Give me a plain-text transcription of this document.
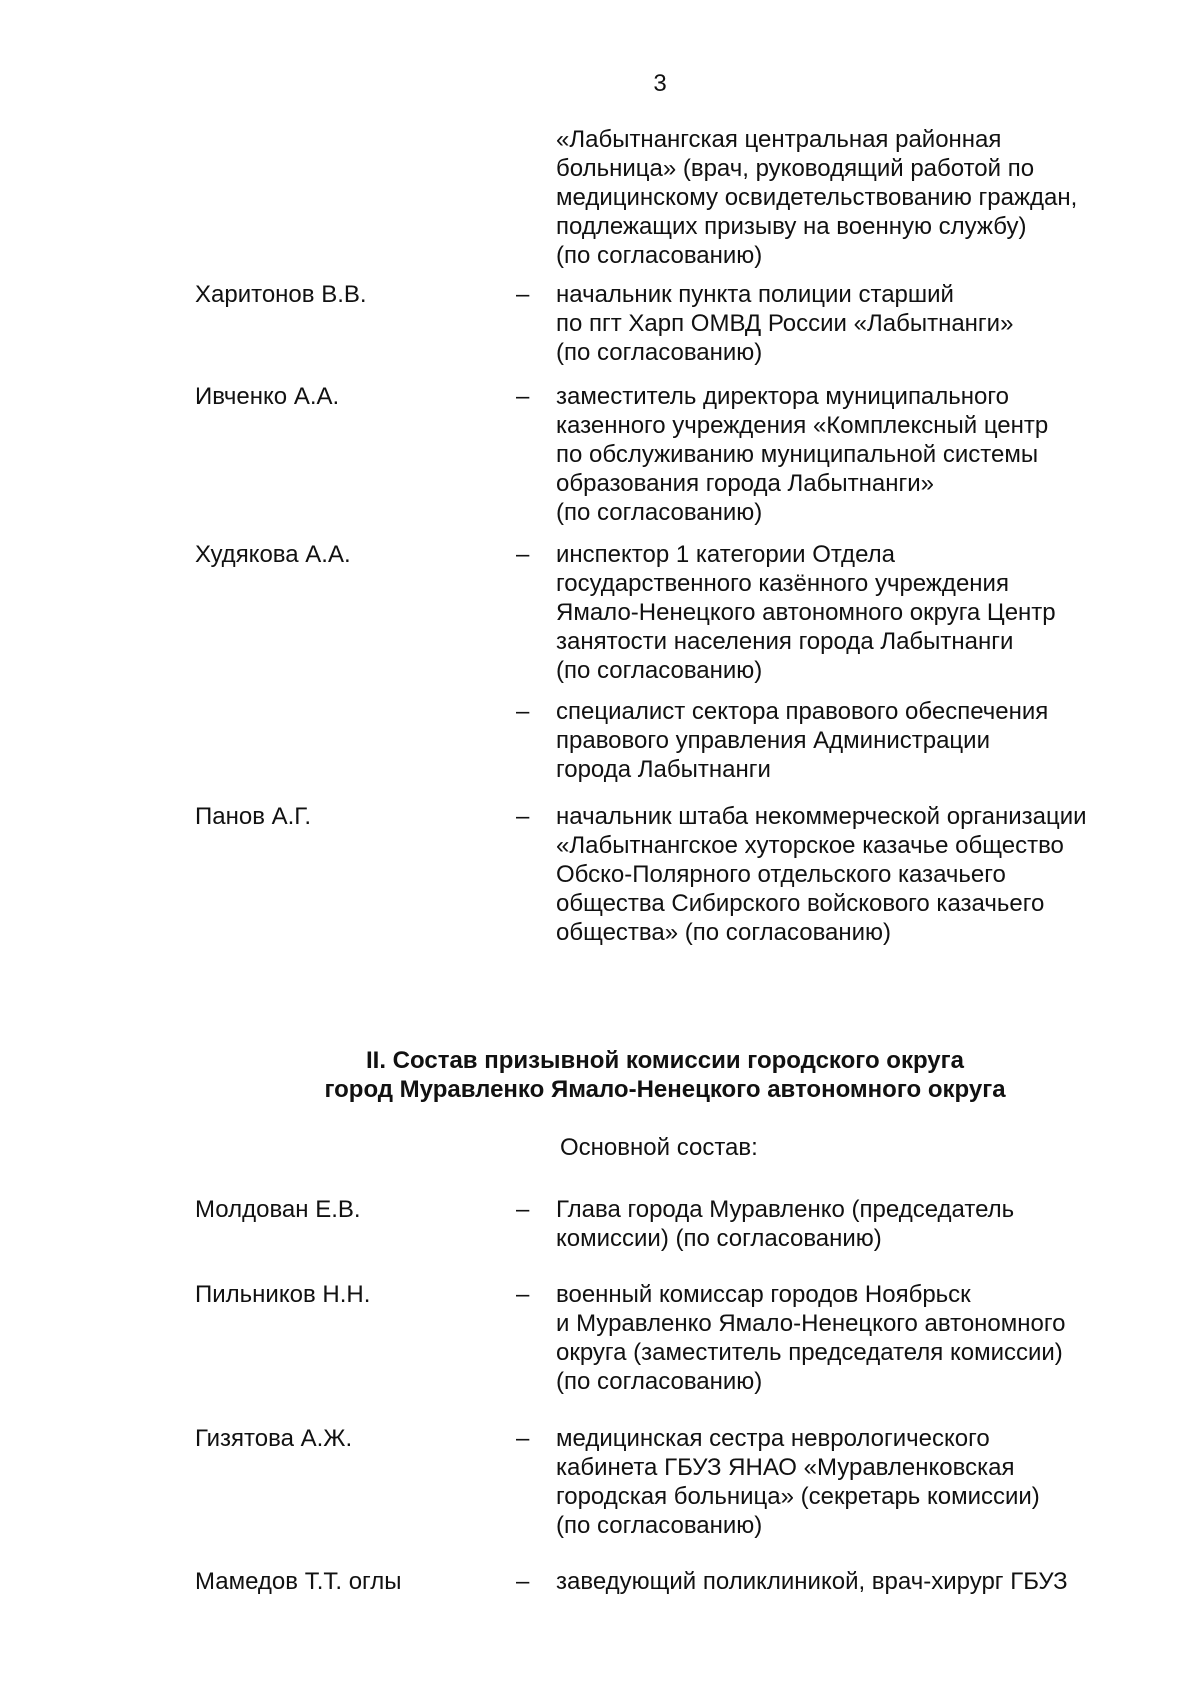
3
«Лабытнангская центральная районная
больница» (врач, руководящий работой по
медицинскому освидетельствованию граждан,
подлежащих призыву на военную службу)
(по согласованию)
Харитонов В.В.	– начальник пункта полиции старший
по пгт Харп ОМВД России «Лабытнанги»
(по согласованию)
Ивченко А.А.	– заместитель директора муниципального
казенного учреждения «Комплексный центр
по обслуживанию муниципальной системы
образования города Лабытнанги»
(по согласованию)
Худякова А.А.	– инспектор 1 категории Отдела
государственного казённого учреждения
Ямало-Ненецкого автономного округа Центр
занятости населения города Лабытнанги
(по согласованию)
– специалист сектора правового обеспечения
правового управления Администрации
города Лабытнанги
Панов А.Г.	– начальник штаба некоммерческой организации
«Лабытнангское хуторское казачье общество
Обско-Полярного отдельского казачьего
общества Сибирского войскового казачьего
общества» (по согласованию)
II. Состав призывной комиссии городского округа
город Муравленко Ямало-Ненецкого автономного округа
Основной состав:
Молдован Е.В.	– Глава города Муравленко (председатель
комиссии) (по согласованию)
Пильников Н.Н.	– военный комиссар городов Ноябрьск
и Муравленко Ямало-Ненецкого автономного
округа (заместитель председателя комиссии)
(по согласованию)
Гизятова А.Ж.	– медицинская сестра неврологического
кабинета ГБУЗ ЯНАО «Муравленковская
городская больница» (секретарь комиссии)
(по согласованию)
Мамедов Т.Т. оглы	– заведующий поликлиникой, врач-хирург ГБУЗ
